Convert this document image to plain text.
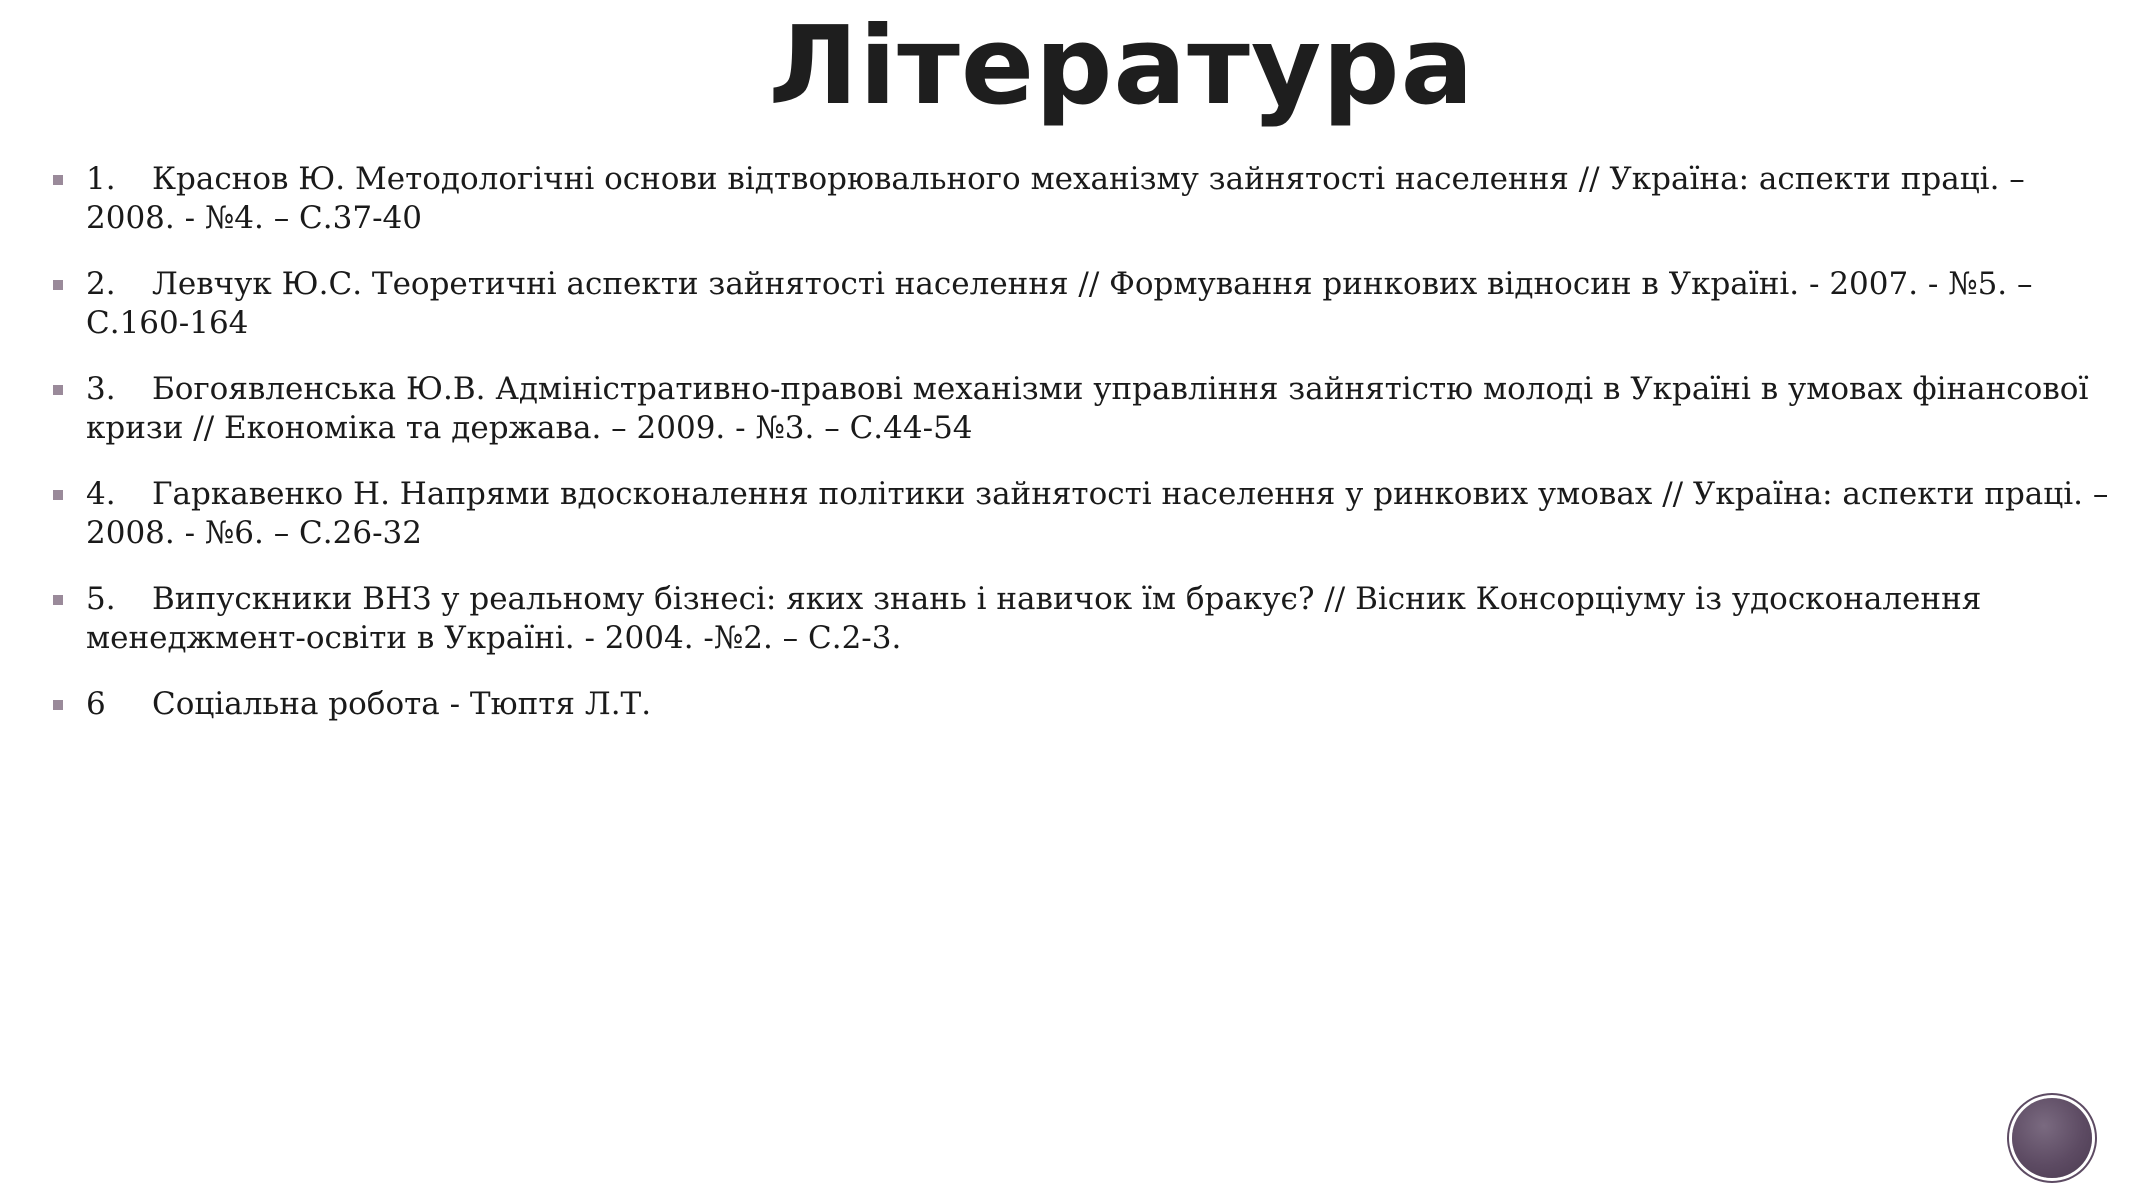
Література
1. Краснов Ю. Методологічні основи відтворювального механізму зайнятості населення // Україна: аспекти праці. – 2008. - №4. – С.37-40
2. Левчук Ю.С. Теоретичні аспекти зайнятості населення // Формування ринкових відносин в Україні. - 2007. - №5. – С.160-164
3. Богоявленська Ю.В. Адміністративно-правові механізми управління зайнятістю молоді в Україні в умовах фінансової кризи // Економіка та держава. – 2009. - №3. – С.44-54
4. Гаркавенко Н. Напрями вдосконалення політики зайнятості населення у ринкових умовах // Україна: аспекти праці. – 2008. - №6. – С.26-32
5. Випускники ВНЗ у реальному бізнесі: яких знань і навичок їм бракує? // Вісник Консорціуму із удосконалення менеджмент-освіти в Україні. - 2004. -№2. – С.2-3.
6 Соціальна робота - Тюптя Л.Т.
